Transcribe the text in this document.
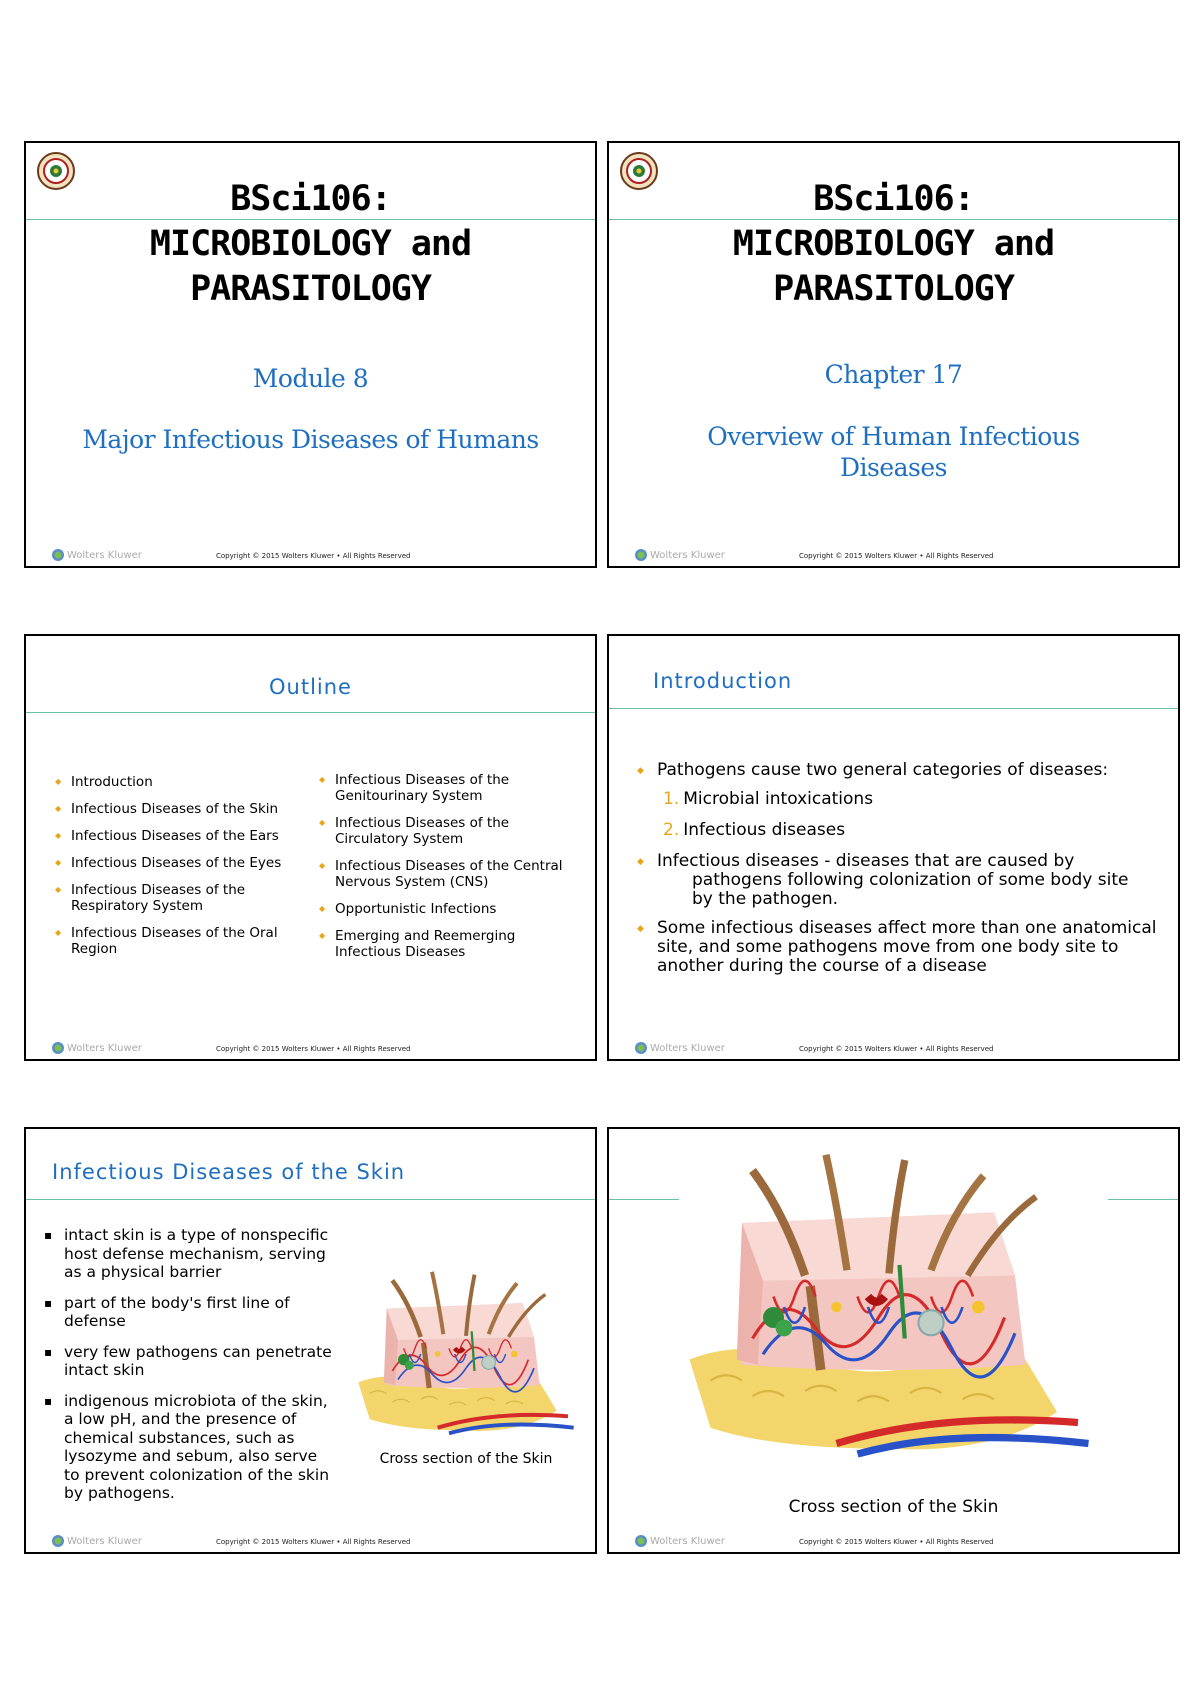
BSci106:
MICROBIOLOGY and
PARASITOLOGY
Module 8
Major Infectious Diseases of Humans
Wolters Kluwer	Copyright © 2015 Wolters Kluwer • All Rights Reserved
BSci106:
MICROBIOLOGY and
PARASITOLOGY
Chapter 17
Overview of Human Infectious
Diseases
Wolters Kluwer	Copyright © 2015 Wolters Kluwer • All Rights Reserved
Outline
◆ Introduction
◆ Infectious Diseases of the Skin
◆ Infectious Diseases of the Ears
◆ Infectious Diseases of the Eyes
◆ Infectious Diseases of the Respiratory System
◆ Infectious Diseases of the Oral Region
◆ Infectious Diseases of the Genitourinary System
◆ Infectious Diseases of the Circulatory System
◆ Infectious Diseases of the Central Nervous System (CNS)
◆ Opportunistic Infections
◆ Emerging and Reemerging Infectious Diseases
Wolters Kluwer	Copyright © 2015 Wolters Kluwer • All Rights Reserved
Introduction
◆ Pathogens cause two general categories of diseases:
1. Microbial intoxications
2. Infectious diseases
◆ Infectious diseases - diseases that are caused by
pathogens following colonization of some body site
by the pathogen.
◆ Some infectious diseases affect more than one anatomical site, and some pathogens move from one body site to another during the course of a disease
Wolters Kluwer	Copyright © 2015 Wolters Kluwer • All Rights Reserved
Infectious Diseases of the Skin
▪ intact skin is a type of nonspecific host defense mechanism, serving as a physical barrier
▪ part of the body's first line of defense
▪ very few pathogens can penetrate intact skin
▪ indigenous microbiota of the skin, a low pH, and the presence of chemical substances, such as lysozyme and sebum, also serve to prevent colonization of the skin by pathogens.
Cross section of the Skin
Wolters Kluwer	Copyright © 2015 Wolters Kluwer • All Rights Reserved
Cross section of the Skin
Wolters Kluwer	Copyright © 2015 Wolters Kluwer • All Rights Reserved
